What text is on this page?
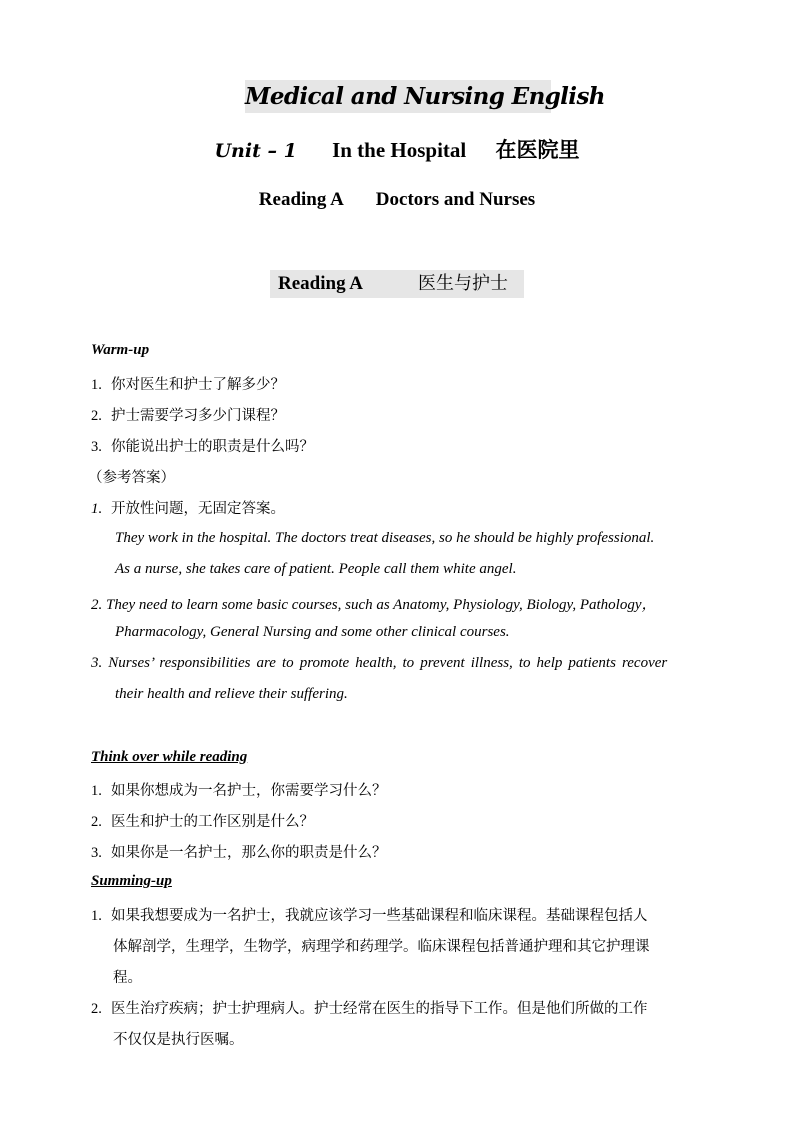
Medical and Nursing English
Unit – 1 In the Hospital 在医院里
Reading A Doctors and Nurses
Reading A	医生与护士
Warm-up
1. 你对医生和护士了解多少？
2. 护士需要学习多少门课程？
3. 你能说出护士的职责是什么吗？
（参考答案）
1. 开放性问题，无固定答案。
They work in the hospital. The doctors treat diseases, so he should be highly professional.
As a nurse, she takes care of patient. People call them white angel.
2. They need to learn some basic courses, such as Anatomy, Physiology, Biology, Pathology，
Pharmacology, General Nursing and some other clinical courses.
3. Nurses’ responsibilities are to promote health, to prevent illness, to help patients recover
their health and relieve their suffering.
Think over while reading
1. 如果你想成为一名护士，你需要学习什么？
2. 医生和护士的工作区别是什么？
3. 如果你是一名护士，那么你的职责是什么？
Summing-up
1. 如果我想要成为一名护士，我就应该学习一些基础课程和临床课程。基础课程包括人
体解剖学，生理学，生物学，病理学和药理学。临床课程包括普通护理和其它护理课
程。
2. 医生治疗疾病；护士护理病人。护士经常在医生的指导下工作。但是他们所做的工作
不仅仅是执行医嘱。
